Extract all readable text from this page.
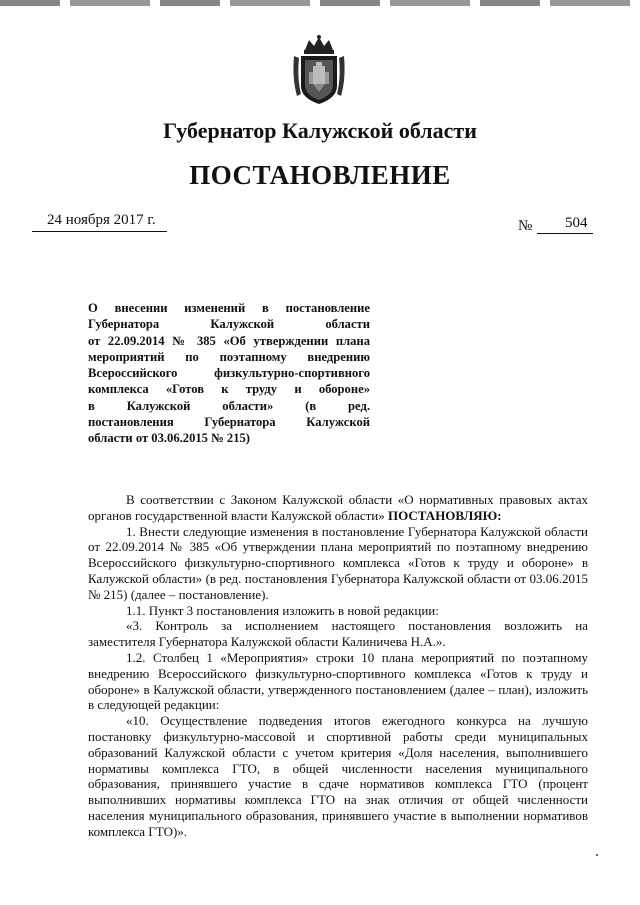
Губернатор Калужской области
ПОСТАНОВЛЕНИЕ
24 ноября 2017 г.	№ 504
О внесении изменений в постановление
Губернатора Калужской области
от 22.09.2014 № 385 «Об утверждении плана
мероприятий по поэтапному внедрению
Всероссийского физкультурно-спортивного
комплекса «Готов к труду и обороне»
в Калужской области» (в ред.
постановления Губернатора Калужской
области от 03.06.2015 № 215)

В соответствии с Законом Калужской области «О нормативных правовых актах органов государственной власти Калужской области» ПОСТАНОВЛЯЮ:

1. Внести следующие изменения в постановление Губернатора Калужской области от 22.09.2014 № 385 «Об утверждении плана мероприятий по поэтапному внедрению Всероссийского физкультурно-спортивного комплекса «Готов к труду и обороне» в Калужской области» (в ред. постановления Губернатора Калужской области от 03.06.2015 № 215) (далее – постановление).

1.1. Пункт 3 постановления изложить в новой редакции:

«3. Контроль за исполнением настоящего постановления возложить на заместителя Губернатора Калужской области Калиничева Н.А.».

1.2. Столбец 1 «Мероприятия» строки 10 плана мероприятий по поэтапному внедрению Всероссийского физкультурно-спортивного комплекса «Готов к труду и обороне» в Калужской области, утвержденного постановлением (далее – план), изложить в следующей редакции:

«10. Осуществление подведения итогов ежегодного конкурса на лучшую постановку физкультурно-массовой и спортивной работы среди муниципальных образований Калужской области с учетом критерия «Доля населения, выполнившего нормативы комплекса ГТО, в общей численности населения муниципального образования, принявшего участие в сдаче нормативов комплекса ГТО (процент выполнивших нормативы комплекса ГТО на знак отличия от общей численности населения муниципального образования, принявшего участие в выполнении нормативов комплекса ГТО)».
